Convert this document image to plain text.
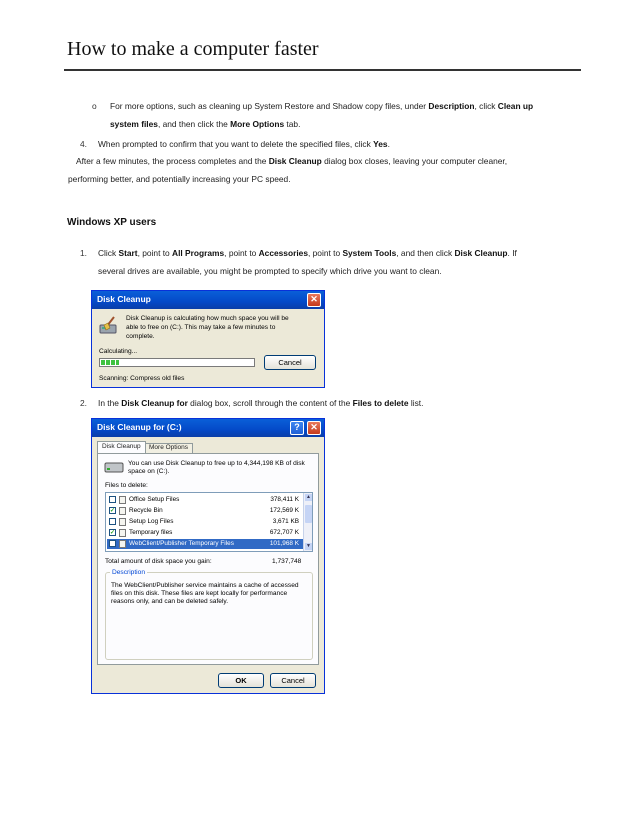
How to make a computer faster
o For more options, such as cleaning up System Restore and Shadow copy files, under Description, click Clean up
system files, and then click the More Options tab.
4. When prompted to confirm that you want to delete the specified files, click Yes.
After a few minutes, the process completes and the Disk Cleanup dialog box closes, leaving your computer cleaner,
performing better, and potentially increasing your PC speed.
Windows XP users
1. Click Start, point to All Programs, point to Accessories, point to System Tools, and then click Disk Cleanup. If
several drives are available, you might be prompted to specify which drive you want to clean.
Disk Cleanup	✕
Disk Cleanup is calculating how much space you will be
able to free on (C:). This may take a few minutes to
complete.
Calculating...
Cancel
Scanning: Compress old files
2. In the Disk Cleanup for dialog box, scroll through the content of the Files to delete list.
Disk Cleanup for (C:)	?	✕
Disk Cleanup	More Options
You can use Disk Cleanup to free up to 4,344,198 KB of disk
space on (C:).
Files to delete:
Office Setup Files	378,411 K
✓ Recycle Bin	172,569 K
Setup Log Files	3,671 KB
✓ Temporary files	672,707 K
WebClient/Publisher Temporary Files	101,968 K
▲
▼
Total amount of disk space you gain:	1,737,748
Description
The WebClient/Publisher service maintains a cache of accessed
files on this disk. These files are kept locally for performance
reasons only, and can be deleted safely.
OK	Cancel
